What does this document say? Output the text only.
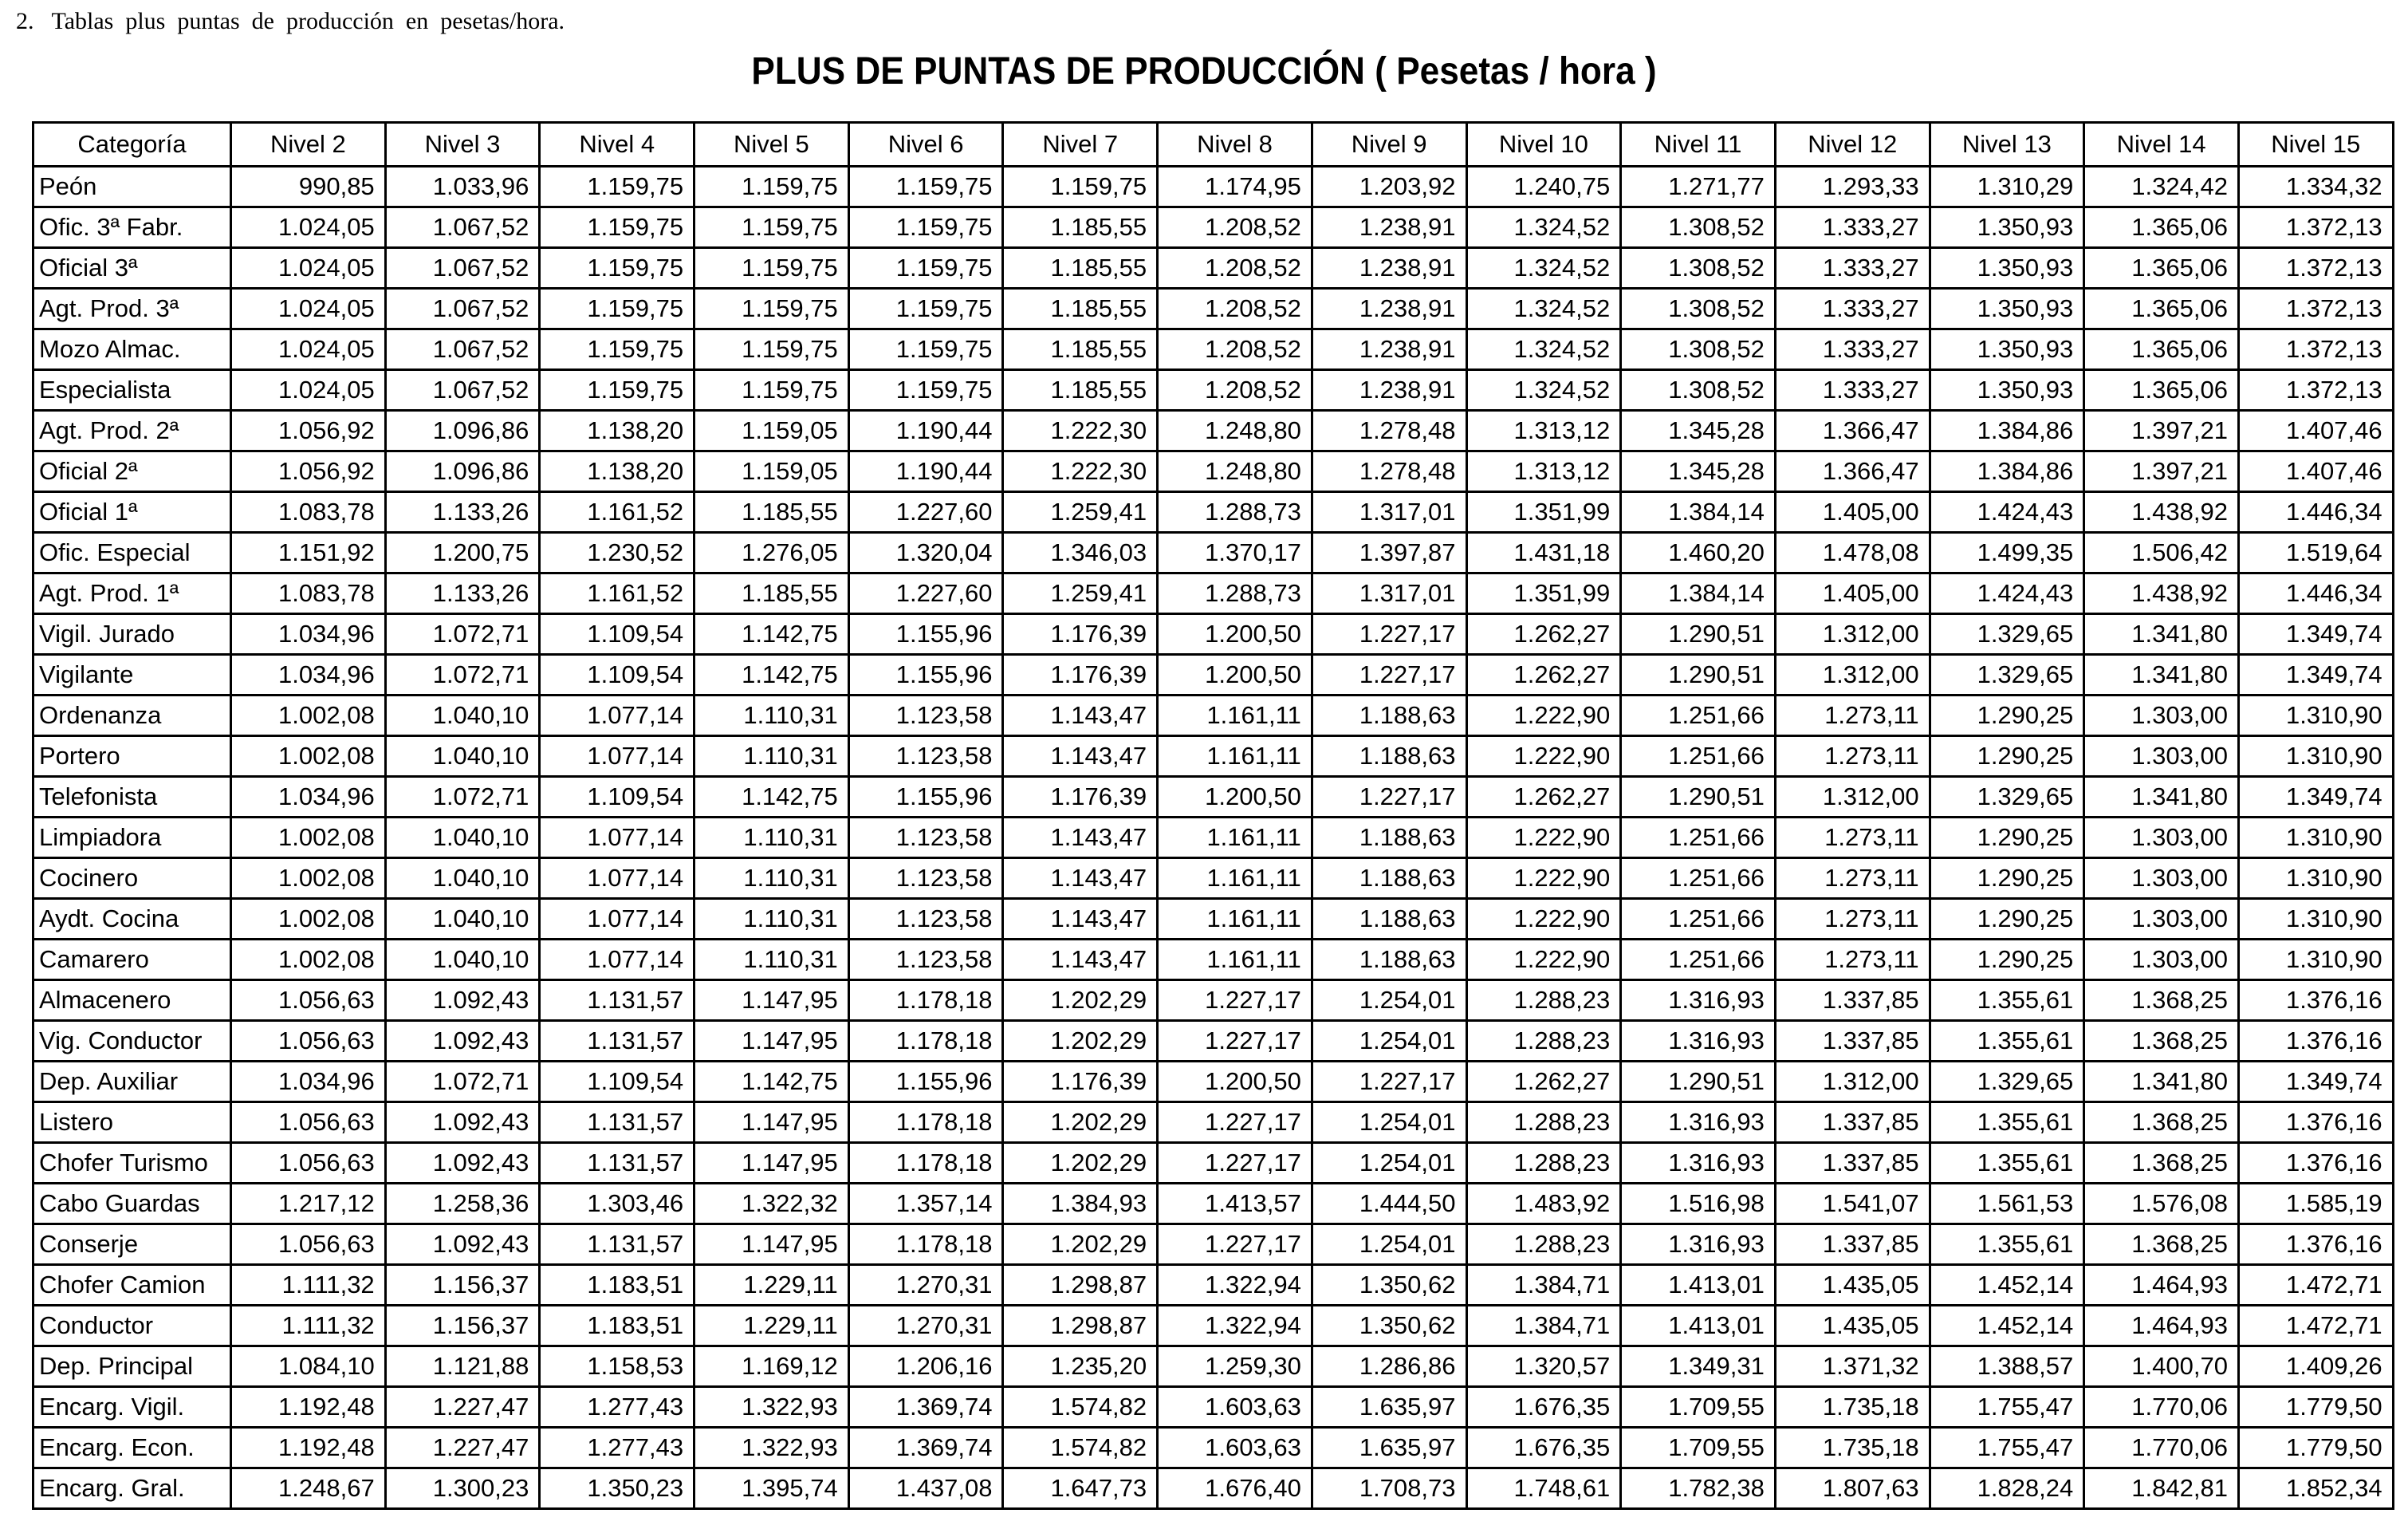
2.   Tablas  plus  puntas  de  producción  en  pesetas/hora.
PLUS DE PUNTAS DE PRODUCCIÓN ( Pesetas / hora )
Categoría	Nivel 2	Nivel 3	Nivel 4	Nivel 5	Nivel 6	Nivel 7	Nivel 8	Nivel 9	Nivel 10	Nivel 11	Nivel 12	Nivel 13	Nivel 14	Nivel 15
Peón	990,85	1.033,96	1.159,75	1.159,75	1.159,75	1.159,75	1.174,95	1.203,92	1.240,75	1.271,77	1.293,33	1.310,29	1.324,42	1.334,32
Ofic. 3ª Fabr.	1.024,05	1.067,52	1.159,75	1.159,75	1.159,75	1.185,55	1.208,52	1.238,91	1.324,52	1.308,52	1.333,27	1.350,93	1.365,06	1.372,13
Oficial 3ª	1.024,05	1.067,52	1.159,75	1.159,75	1.159,75	1.185,55	1.208,52	1.238,91	1.324,52	1.308,52	1.333,27	1.350,93	1.365,06	1.372,13
Agt. Prod. 3ª	1.024,05	1.067,52	1.159,75	1.159,75	1.159,75	1.185,55	1.208,52	1.238,91	1.324,52	1.308,52	1.333,27	1.350,93	1.365,06	1.372,13
Mozo Almac.	1.024,05	1.067,52	1.159,75	1.159,75	1.159,75	1.185,55	1.208,52	1.238,91	1.324,52	1.308,52	1.333,27	1.350,93	1.365,06	1.372,13
Especialista	1.024,05	1.067,52	1.159,75	1.159,75	1.159,75	1.185,55	1.208,52	1.238,91	1.324,52	1.308,52	1.333,27	1.350,93	1.365,06	1.372,13
Agt. Prod. 2ª	1.056,92	1.096,86	1.138,20	1.159,05	1.190,44	1.222,30	1.248,80	1.278,48	1.313,12	1.345,28	1.366,47	1.384,86	1.397,21	1.407,46
Oficial 2ª	1.056,92	1.096,86	1.138,20	1.159,05	1.190,44	1.222,30	1.248,80	1.278,48	1.313,12	1.345,28	1.366,47	1.384,86	1.397,21	1.407,46
Oficial 1ª	1.083,78	1.133,26	1.161,52	1.185,55	1.227,60	1.259,41	1.288,73	1.317,01	1.351,99	1.384,14	1.405,00	1.424,43	1.438,92	1.446,34
Ofic. Especial	1.151,92	1.200,75	1.230,52	1.276,05	1.320,04	1.346,03	1.370,17	1.397,87	1.431,18	1.460,20	1.478,08	1.499,35	1.506,42	1.519,64
Agt. Prod. 1ª	1.083,78	1.133,26	1.161,52	1.185,55	1.227,60	1.259,41	1.288,73	1.317,01	1.351,99	1.384,14	1.405,00	1.424,43	1.438,92	1.446,34
Vigil. Jurado	1.034,96	1.072,71	1.109,54	1.142,75	1.155,96	1.176,39	1.200,50	1.227,17	1.262,27	1.290,51	1.312,00	1.329,65	1.341,80	1.349,74
Vigilante	1.034,96	1.072,71	1.109,54	1.142,75	1.155,96	1.176,39	1.200,50	1.227,17	1.262,27	1.290,51	1.312,00	1.329,65	1.341,80	1.349,74
Ordenanza	1.002,08	1.040,10	1.077,14	1.110,31	1.123,58	1.143,47	1.161,11	1.188,63	1.222,90	1.251,66	1.273,11	1.290,25	1.303,00	1.310,90
Portero	1.002,08	1.040,10	1.077,14	1.110,31	1.123,58	1.143,47	1.161,11	1.188,63	1.222,90	1.251,66	1.273,11	1.290,25	1.303,00	1.310,90
Telefonista	1.034,96	1.072,71	1.109,54	1.142,75	1.155,96	1.176,39	1.200,50	1.227,17	1.262,27	1.290,51	1.312,00	1.329,65	1.341,80	1.349,74
Limpiadora	1.002,08	1.040,10	1.077,14	1.110,31	1.123,58	1.143,47	1.161,11	1.188,63	1.222,90	1.251,66	1.273,11	1.290,25	1.303,00	1.310,90
Cocinero	1.002,08	1.040,10	1.077,14	1.110,31	1.123,58	1.143,47	1.161,11	1.188,63	1.222,90	1.251,66	1.273,11	1.290,25	1.303,00	1.310,90
Aydt. Cocina	1.002,08	1.040,10	1.077,14	1.110,31	1.123,58	1.143,47	1.161,11	1.188,63	1.222,90	1.251,66	1.273,11	1.290,25	1.303,00	1.310,90
Camarero	1.002,08	1.040,10	1.077,14	1.110,31	1.123,58	1.143,47	1.161,11	1.188,63	1.222,90	1.251,66	1.273,11	1.290,25	1.303,00	1.310,90
Almacenero	1.056,63	1.092,43	1.131,57	1.147,95	1.178,18	1.202,29	1.227,17	1.254,01	1.288,23	1.316,93	1.337,85	1.355,61	1.368,25	1.376,16
Vig. Conductor	1.056,63	1.092,43	1.131,57	1.147,95	1.178,18	1.202,29	1.227,17	1.254,01	1.288,23	1.316,93	1.337,85	1.355,61	1.368,25	1.376,16
Dep. Auxiliar	1.034,96	1.072,71	1.109,54	1.142,75	1.155,96	1.176,39	1.200,50	1.227,17	1.262,27	1.290,51	1.312,00	1.329,65	1.341,80	1.349,74
Listero	1.056,63	1.092,43	1.131,57	1.147,95	1.178,18	1.202,29	1.227,17	1.254,01	1.288,23	1.316,93	1.337,85	1.355,61	1.368,25	1.376,16
Chofer Turismo	1.056,63	1.092,43	1.131,57	1.147,95	1.178,18	1.202,29	1.227,17	1.254,01	1.288,23	1.316,93	1.337,85	1.355,61	1.368,25	1.376,16
Cabo Guardas	1.217,12	1.258,36	1.303,46	1.322,32	1.357,14	1.384,93	1.413,57	1.444,50	1.483,92	1.516,98	1.541,07	1.561,53	1.576,08	1.585,19
Conserje	1.056,63	1.092,43	1.131,57	1.147,95	1.178,18	1.202,29	1.227,17	1.254,01	1.288,23	1.316,93	1.337,85	1.355,61	1.368,25	1.376,16
Chofer Camion	1.111,32	1.156,37	1.183,51	1.229,11	1.270,31	1.298,87	1.322,94	1.350,62	1.384,71	1.413,01	1.435,05	1.452,14	1.464,93	1.472,71
Conductor	1.111,32	1.156,37	1.183,51	1.229,11	1.270,31	1.298,87	1.322,94	1.350,62	1.384,71	1.413,01	1.435,05	1.452,14	1.464,93	1.472,71
Dep. Principal	1.084,10	1.121,88	1.158,53	1.169,12	1.206,16	1.235,20	1.259,30	1.286,86	1.320,57	1.349,31	1.371,32	1.388,57	1.400,70	1.409,26
Encarg. Vigil.	1.192,48	1.227,47	1.277,43	1.322,93	1.369,74	1.574,82	1.603,63	1.635,97	1.676,35	1.709,55	1.735,18	1.755,47	1.770,06	1.779,50
Encarg. Econ.	1.192,48	1.227,47	1.277,43	1.322,93	1.369,74	1.574,82	1.603,63	1.635,97	1.676,35	1.709,55	1.735,18	1.755,47	1.770,06	1.779,50
Encarg. Gral.	1.248,67	1.300,23	1.350,23	1.395,74	1.437,08	1.647,73	1.676,40	1.708,73	1.748,61	1.782,38	1.807,63	1.828,24	1.842,81	1.852,34
